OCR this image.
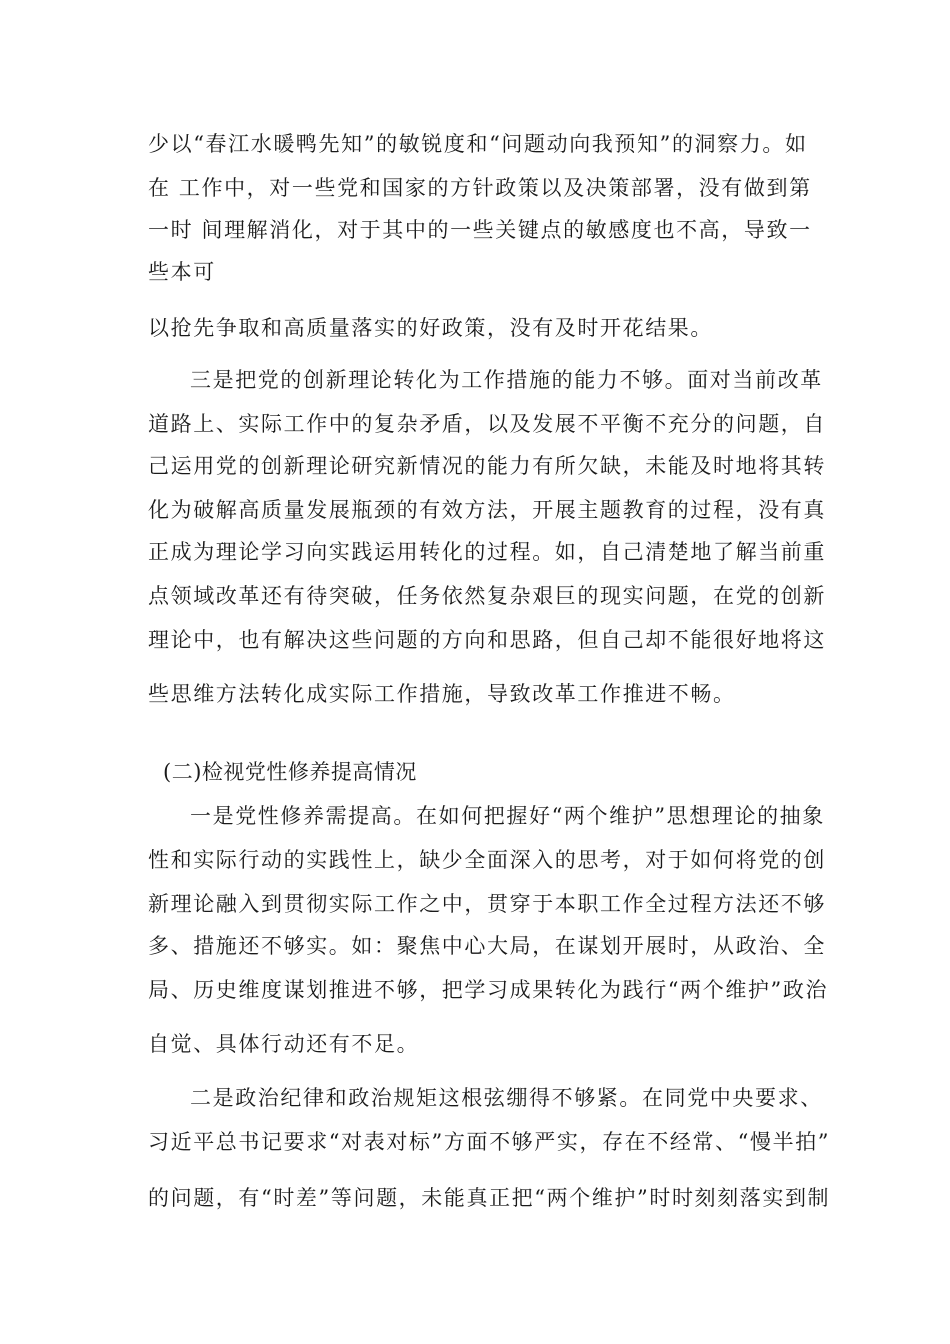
少以“春江水暖鸭先知”的敏锐度和“问题动向我预知”的洞察力。如
在 工作中，对一些党和国家的方针政策以及决策部署，没有做到第
一时 间理解消化，对于其中的一些关键点的敏感度也不高，导致一
些本可
以抢先争取和高质量落实的好政策，没有及时开花结果。
三是把党的创新理论转化为工作措施的能力不够。面对当前改革
道路上、实际工作中的复杂矛盾，以及发展不平衡不充分的问题，自
己运用党的创新理论研究新情况的能力有所欠缺，未能及时地将其转
化为破解高质量发展瓶颈的有效方法，开展主题教育的过程，没有真
正成为理论学习向实践运用转化的过程。如，自己清楚地了解当前重
点领域改革还有待突破，任务依然复杂艰巨的现实问题，在党的创新
理论中，也有解决这些问题的方向和思路，但自己却不能很好地将这
些思维方法转化成实际工作措施，导致改革工作推进不畅。
(二)检视党性修养提高情况
一是党性修养需提高。在如何把握好“两个维护”思想理论的抽象
性和实际行动的实践性上，缺少全面深入的思考，对于如何将党的创
新理论融入到贯彻实际工作之中，贯穿于本职工作全过程方法还不够
多、措施还不够实。如：聚焦中心大局，在谋划开展时，从政治、全
局、历史维度谋划推进不够，把学习成果转化为践行“两个维护”政治
自觉、具体行动还有不足。
二是政治纪律和政治规矩这根弦绷得不够紧。在同党中央要求、
习近平总书记要求“对表对标”方面不够严实，存在不经常、“慢半拍”
的问题，有“时差”等问题，未能真正把“两个维护”时时刻刻落实到制
